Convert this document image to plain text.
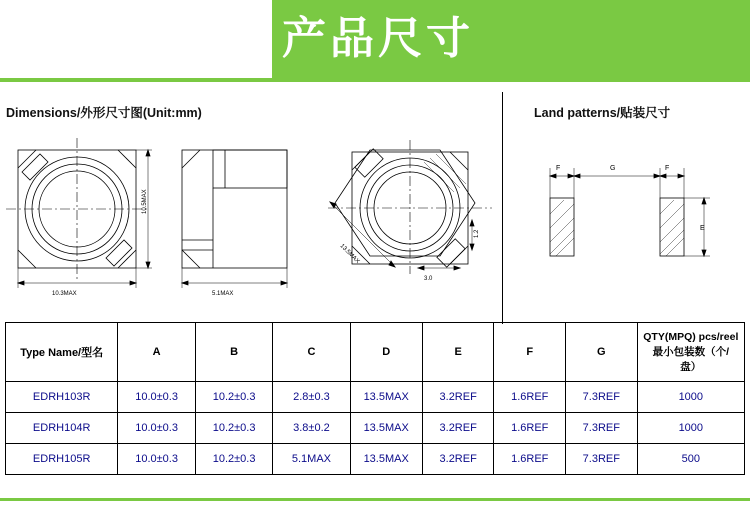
产品尺寸
Dimensions/外形尺寸图(Unit:mm)	Land patterns/贴装尺寸
10.3MAX
10.5MAX
5.1MAX
13.5MAX
3.0
1.2
F	G	F
E
Type Name/型名	A	B	C	D	E	F	G	QTY(MPQ) pcs/reel
最小包装数（个/
盘）
EDRH103R	10.0±0.3	10.2±0.3	2.8±0.3	13.5MAX	3.2REF	1.6REF	7.3REF	1000
EDRH104R	10.0±0.3	10.2±0.3	3.8±0.2	13.5MAX	3.2REF	1.6REF	7.3REF	1000
EDRH105R	10.0±0.3	10.2±0.3	5.1MAX	13.5MAX	3.2REF	1.6REF	7.3REF	500
